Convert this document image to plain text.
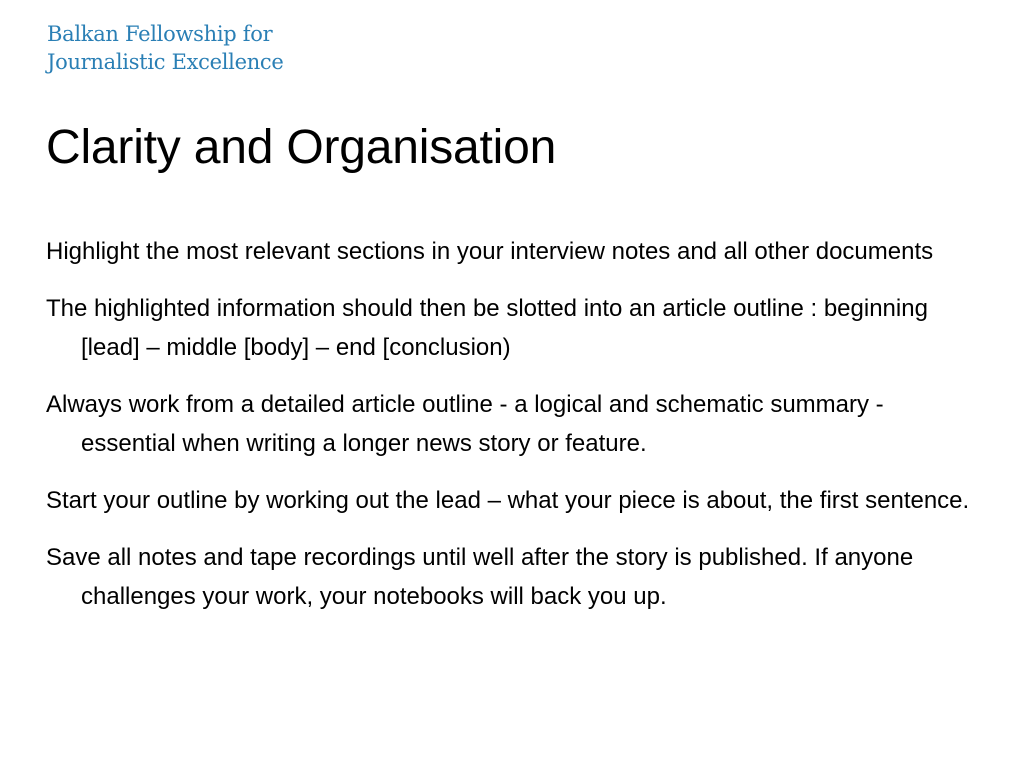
Balkan Fellowship for
Journalistic Excellence
Clarity and Organisation
Highlight the most relevant sections in your interview notes and all other documents
The highlighted information should then be slotted into an article outline : beginning [lead] – middle [body] – end [conclusion)
Always work from a detailed article outline - a logical and schematic summary - essential when writing a longer news story or feature.
Start your outline by working out the lead – what your piece is about, the first sentence.
Save all notes and tape recordings until well after the story is published. If anyone challenges your work, your notebooks will back you up.
